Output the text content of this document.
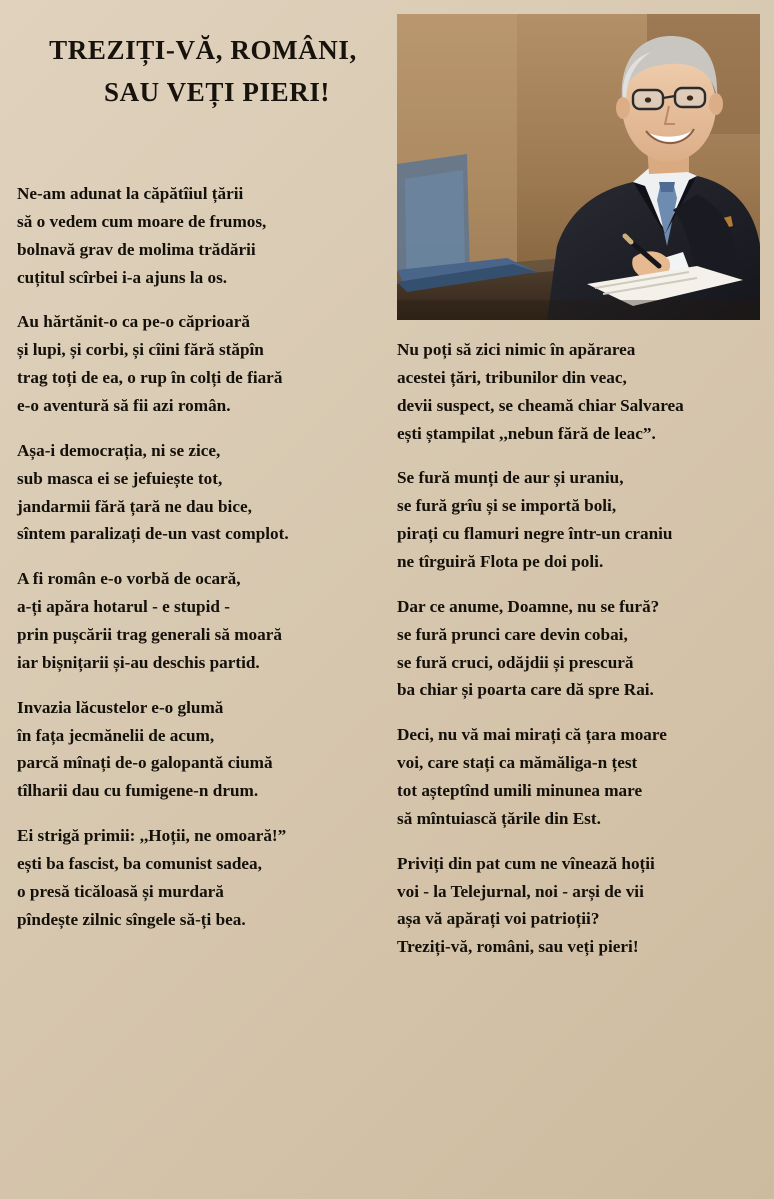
TREZIȚI-VĂ, ROMÂNI,
SAU VEȚI PIERI!
Ne-am adunat la căpătîiul țării
să o vedem cum moare de frumos,
bolnavă grav de molima trădării
cuțitul scîrbei i-a ajuns la os.
Au hărtănit-o ca pe-o căprioară
și lupi, și corbi, și cîini fără stăpîn
trag toți de ea, o rup în colți de fiară
e-o aventură să fii azi român.
Așa-i democrația, ni se zice,
sub masca ei se jefuiește tot,
jandarmii fără țară ne dau bice,
sîntem paralizați de-un vast complot.
A fi român e-o vorbă de ocară,
a-ți apăra hotarul - e stupid -
prin pușcării trag generali să moară
iar bișnițarii și-au deschis partid.
Invazia lăcustelor e-o glumă
în fața jecmănelii de acum,
parcă mînați de-o galopantă ciumă
tîlharii dau cu fumigene-n drum.
Ei strigă primii: ,,Hoții, ne omoară!”
ești ba fascist, ba comunist sadea,
o presă ticăloasă și murdară
pîndește zilnic sîngele să-ți bea.
Nu poți să zici nimic în apărarea
acestei țări, tribunilor din veac,
devii suspect, se cheamă chiar Salvarea
ești ștampilat ,,nebun fără de leac”.
Se fură munți de aur și uraniu,
se fură grîu și se importă boli,
pirați cu flamuri negre într-un craniu
ne tîrguiră Flota pe doi poli.
Dar ce anume, Doamne, nu se fură?
se fură prunci care devin cobai,
se fură cruci, odăjdii și prescură
ba chiar și poarta care dă spre Rai.
Deci, nu vă mai mirați că țara moare
voi, care stați ca mămăliga-n țest
tot așteptînd umili minunea mare
să mîntuiască țările din Est.
Priviți din pat cum ne vînează hoții
voi - la Telejurnal, noi - arși de vii
așa vă apărați voi patrioții?
Treziți-vă, români, sau veți pieri!
